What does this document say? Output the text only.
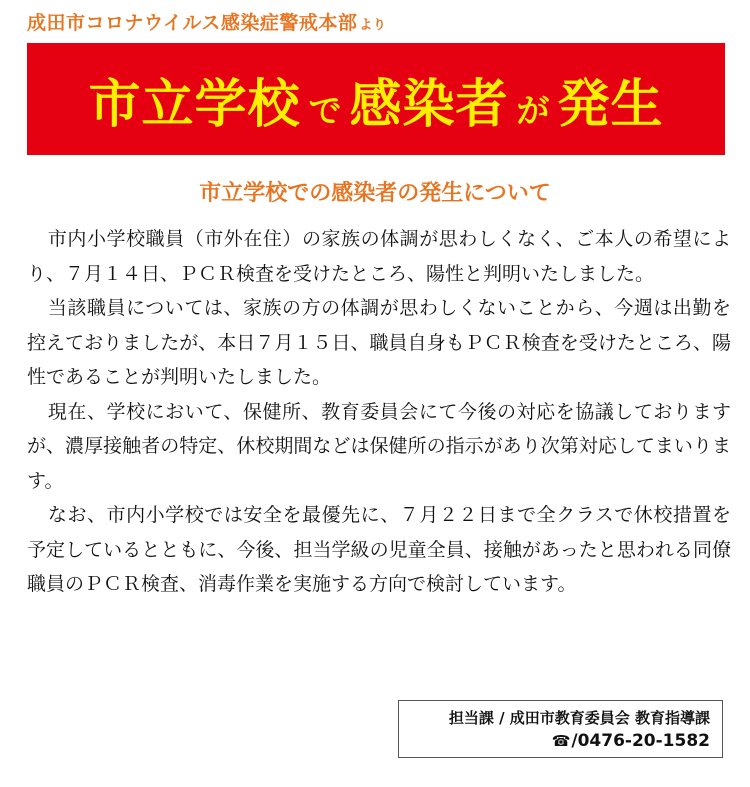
成田市コロナウイルス感染症警戒本部 より
市立学校 で 感染者 が 発生
市立学校での感染者の発生について

市内小学校職員（市外在住）の家族の体調が思わしくなく、ご本人の希望により、７月１４日、ＰＣＲ検査を受けたところ、陽性と判明いたしました。

当該職員については、家族の方の体調が思わしくないことから、今週は出勤を控えておりましたが、本日７月１５日、職員自身もＰＣＲ検査を受けたところ、陽性であることが判明いたしました。

現在、学校において、保健所、教育委員会にて今後の対応を協議しておりますが、濃厚接触者の特定、休校期間などは保健所の指示があり次第対応してまいります。

なお、市内小学校では安全を最優先に、７月２２日まで全クラスで休校措置を予定しているとともに、今後、担当学級の児童全員、接触があったと思われる同僚職員のＰＣＲ検査、消毒作業を実施する方向で検討しています。

担当課 / 成田市教育委員会 教育指導課
☎/0476-20-1582
